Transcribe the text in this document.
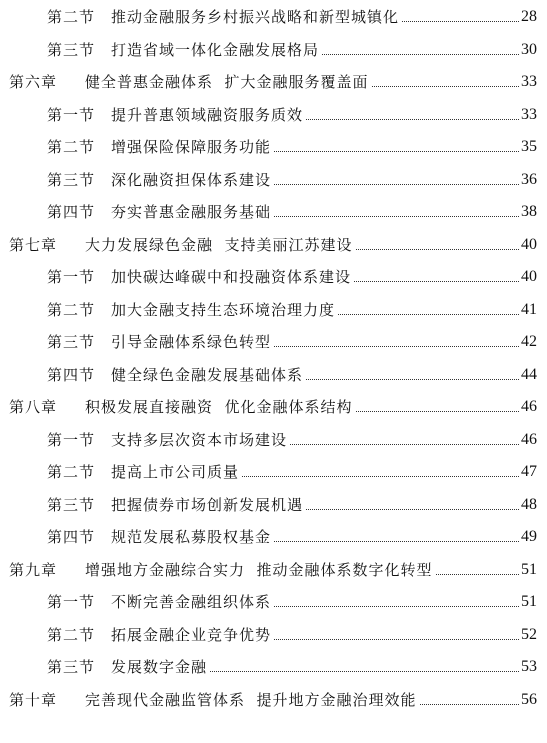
第二节	推动金融服务乡村振兴战略和新型城镇化	28
第三节	打造省域一体化金融发展格局	30
第六章	健全普惠金融体系  扩大金融服务覆盖面	33
第一节	提升普惠领域融资服务质效	33
第二节	增强保险保障服务功能	35
第三节	深化融资担保体系建设	36
第四节	夯实普惠金融服务基础	38
第七章	大力发展绿色金融  支持美丽江苏建设	40
第一节	加快碳达峰碳中和投融资体系建设	40
第二节	加大金融支持生态环境治理力度	41
第三节	引导金融体系绿色转型	42
第四节	健全绿色金融发展基础体系	44
第八章	积极发展直接融资  优化金融体系结构	46
第一节	支持多层次资本市场建设	46
第二节	提高上市公司质量	47
第三节	把握债券市场创新发展机遇	48
第四节	规范发展私募股权基金	49
第九章	增强地方金融综合实力  推动金融体系数字化转型	51
第一节	不断完善金融组织体系	51
第二节	拓展金融企业竞争优势	52
第三节	发展数字金融	53
第十章	完善现代金融监管体系  提升地方金融治理效能	56
